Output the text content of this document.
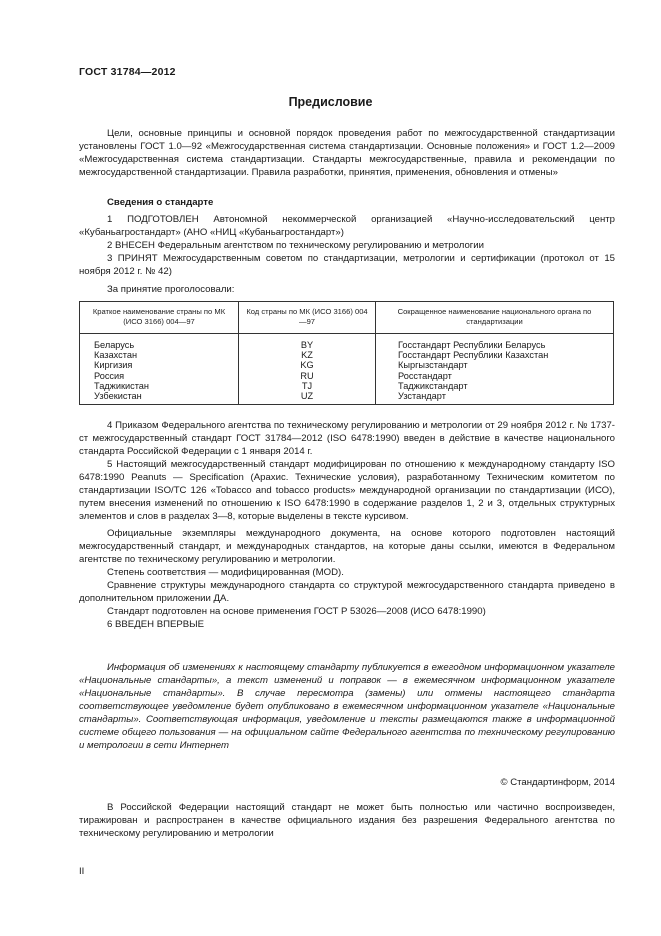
ГОСТ 31784—2012
Предисловие

Цели, основные принципы и основной порядок проведения работ по межгосударственной стандартизации установлены ГОСТ 1.0—92 «Межгосударственная система стандартизации. Основные положения» и ГОСТ 1.2—2009 «Межгосударственная система стандартизации. Стандарты межгосударственные, правила и рекомендации по межгосударственной стандартизации. Правила разработки, принятия, применения, обновления и отмены»

Сведения о стандарте

1 ПОДГОТОВЛЕН Автономной некоммерческой организацией «Научно-исследовательский центр «Кубаньагростандарт» (АНО «НИЦ «Кубаньагростандарт»)

2 ВНЕСЕН Федеральным агентством по техническому регулированию и метрологии

3 ПРИНЯТ Межгосударственным советом по стандартизации, метрологии и сертификации (протокол от 15 ноября 2012 г. № 42)

За принятие проголосовали:

Краткое наименование страны по МК (ИСО 3166) 004—97	Код страны по МК (ИСО 3166) 004—97	Сокращенное наименование национального органа по стандартизации
Беларусь	BY	Госстандарт Республики Беларусь
Казахстан	KZ	Госстандарт Республики Казахстан
Киргизия	KG	Кыргызстандарт
Россия	RU	Росстандарт
Таджикистан	TJ	Таджикстандарт
Узбекистан	UZ	Узстандарт

4 Приказом Федерального агентства по техническому регулированию и метрологии от 29 ноября 2012 г. № 1737-ст межгосударственный стандарт ГОСТ 31784—2012 (ISO 6478:1990) введен в действие в качестве национального стандарта Российской Федерации с 1 января 2014 г.

5 Настоящий межгосударственный стандарт модифицирован по отношению к международному стандарту ISO 6478:1990 Peanuts — Specification (Арахис. Технические условия), разработанному Техническим комитетом по стандартизации ISO/TC 126 «Tobacco and tobacco products» международной организации по стандартизации (ИСО), путем внесения изменений по отношению к ISO 6478:1990 в содержание разделов 1, 2 и 3, отдельных структурных элементов и слов в разделах 3—8, которые выделены в тексте курсивом.

Официальные экземпляры международного документа, на основе которого подготовлен настоящий межгосударственный стандарт, и международных стандартов, на которые даны ссылки, имеются в Федеральном агентстве по техническому регулированию и метрологии.

Степень соответствия — модифицированная (MOD).

Сравнение структуры международного стандарта со структурой межгосударственного стандарта приведено в дополнительном приложении ДА.

Стандарт подготовлен на основе применения ГОСТ Р 53026—2008 (ИСО 6478:1990)

6 ВВЕДЕН ВПЕРВЫЕ

Информация об изменениях к настоящему стандарту публикуется в ежегодном информационном указателе «Национальные стандарты», а текст изменений и поправок — в ежемесячном информационном указателе «Национальные стандарты». В случае пересмотра (замены) или отмены настоящего стандарта соответствующее уведомление будет опубликовано в ежемесячном информационном указателе «Национальные стандарты». Соответствующая информация, уведомление и тексты размещаются также в информационной системе общего пользования — на официальном сайте Федерального агентства по техническому регулированию и метрологии в сети Интернет

© Стандартинформ, 2014

В Российской Федерации настоящий стандарт не может быть полностью или частично воспроизведен, тиражирован и распространен в качестве официального издания без разрешения Федерального агентства по техническому регулированию и метрологии

II
